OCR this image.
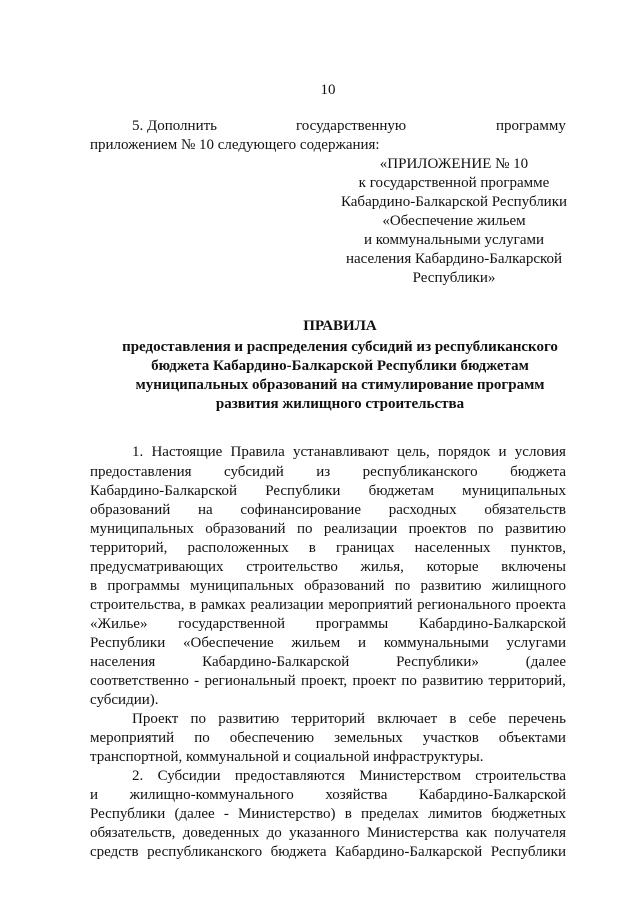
10
5. Дополнить	государственную	программу
приложением № 10 следующего содержания:
«ПРИЛОЖЕНИЕ № 10
к государственной программе
Кабардино-Балкарской Республики
«Обеспечение жильем
и коммунальными услугами
населения Кабардино-Балкарской
Республики»
ПРАВИЛА
предоставления и распределения субсидий из республиканского
бюджета Кабардино-Балкарской Республики бюджетам
муниципальных образований на стимулирование программ
развития жилищного строительства
1. Настоящие Правила устанавливают цель, порядок и условия
предоставления субсидий из республиканского бюджета
Кабардино-Балкарской Республики бюджетам муниципальных
образований на софинансирование расходных обязательств
муниципальных образований по реализации проектов по развитию
территорий, расположенных в границах населенных пунктов,
предусматривающих строительство жилья, которые включены
в программы муниципальных образований по развитию жилищного
строительства, в рамках реализации мероприятий регионального проекта
«Жилье» государственной программы Кабардино-Балкарской
Республики «Обеспечение жильем и коммунальными услугами
населения	Кабардино-Балкарской	Республики»	(далее
соответственно - региональный проект, проект по развитию территорий,
субсидии).
Проект по развитию территорий включает в себе перечень
мероприятий по обеспечению земельных участков объектами
транспортной, коммунальной и социальной инфраструктуры.
2. Субсидии предоставляются Министерством строительства
и жилищно-коммунального хозяйства Кабардино-Балкарской
Республики (далее - Министерство) в пределах лимитов бюджетных
обязательств, доведенных до указанного Министерства как получателя
средств республиканского бюджета Кабардино-Балкарской Республики
